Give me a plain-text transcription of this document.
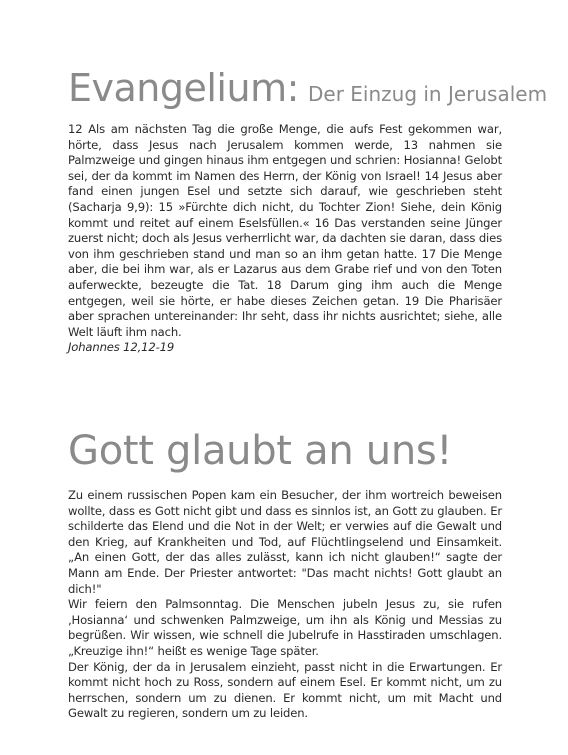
Evangelium: Der Einzug in Jerusalem

12 Als am nächsten Tag die große Menge, die aufs Fest gekommen war, hörte, dass Jesus nach Jerusalem kommen werde, 13 nahmen sie Palmzweige und gingen hinaus ihm entgegen und schrien: Hosianna! Gelobt sei, der da kommt im Namen des Herrn, der König von Israel! 14 Jesus aber fand einen jungen Esel und setzte sich darauf, wie geschrieben steht (Sacharja 9,9): 15 »Fürchte dich nicht, du Tochter Zion! Siehe, dein König kommt und reitet auf einem Eselsfüllen.« 16 Das verstanden seine Jünger zuerst nicht; doch als Jesus verherrlicht war, da dachten sie daran, dass dies von ihm geschrieben stand und man so an ihm getan hatte. 17 Die Menge aber, die bei ihm war, als er Lazarus aus dem Grabe rief und von den Toten auferweckte, bezeugte die Tat. 18 Darum ging ihm auch die Menge entgegen, weil sie hörte, er habe dieses Zeichen getan. 19 Die Pharisäer aber sprachen untereinander: Ihr seht, dass ihr nichts ausrichtet; siehe, alle Welt läuft ihm nach.

Johannes 12,12-19

Gott glaubt an uns!

Zu einem russischen Popen kam ein Besucher, der ihm wortreich beweisen wollte, dass es Gott nicht gibt und dass es sinnlos ist, an Gott zu glauben. Er schilderte das Elend und die Not in der Welt; er verwies auf die Gewalt und den Krieg, auf Krankheiten und Tod, auf Flüchtlingselend und Einsamkeit. „An einen Gott, der das alles zulässt, kann ich nicht glauben!“ sagte der Mann am Ende. Der Priester antwortet: "Das macht nichts! Gott glaubt an dich!"

Wir feiern den Palmsonntag. Die Menschen jubeln Jesus zu, sie rufen ‚Hosianna‘ und schwenken Palmzweige, um ihn als König und Messias zu begrüßen. Wir wissen, wie schnell die Jubelrufe in Hasstiraden umschlagen. „Kreuzige ihn!“ heißt es wenige Tage später.

Der König, der da in Jerusalem einzieht, passt nicht in die Erwartungen. Er kommt nicht hoch zu Ross, sondern auf einem Esel. Er kommt nicht, um zu herrschen, sondern um zu dienen. Er kommt nicht, um mit Macht und Gewalt zu regieren, sondern um zu leiden.
